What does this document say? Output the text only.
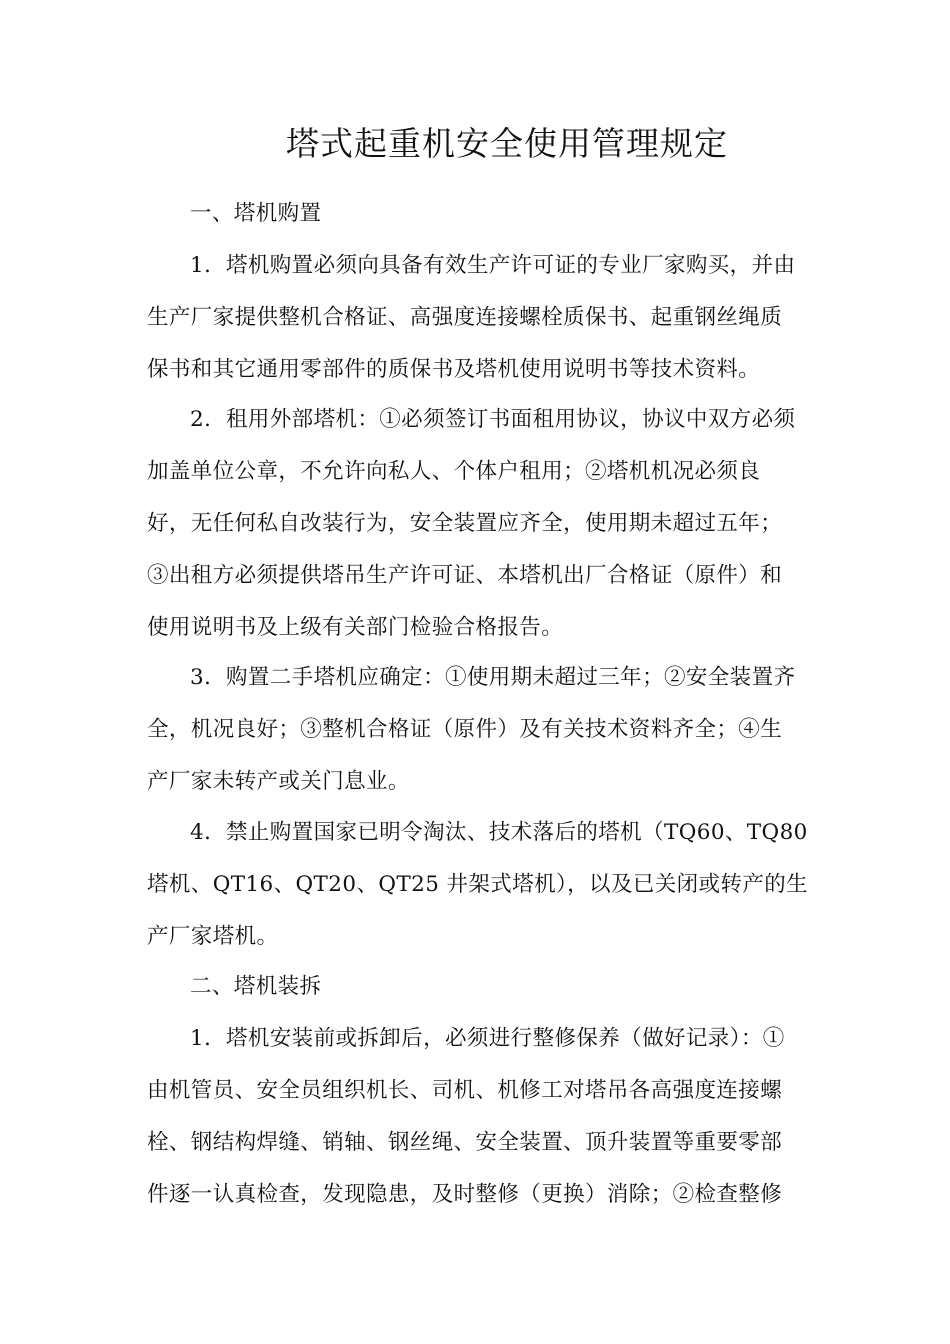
塔式起重机安全使用管理规定
一、塔机购置
1．塔机购置必须向具备有效生产许可证的专业厂家购买，并由
生产厂家提供整机合格证、高强度连接螺栓质保书、起重钢丝绳质
保书和其它通用零部件的质保书及塔机使用说明书等技术资料。
2．租用外部塔机：①必须签订书面租用协议，协议中双方必须
加盖单位公章，不允许向私人、个体户租用；②塔机机况必须良
好，无任何私自改装行为，安全装置应齐全，使用期未超过五年；
③出租方必须提供塔吊生产许可证、本塔机出厂合格证（原件）和
使用说明书及上级有关部门检验合格报告。
3．购置二手塔机应确定：①使用期未超过三年；②安全装置齐
全，机况良好；③整机合格证（原件）及有关技术资料齐全；④生
产厂家未转产或关门息业。
4．禁止购置国家已明令淘汰、技术落后的塔机（TQ60、TQ80
塔机、QT16、QT20、QT25 井架式塔机），以及已关闭或转产的生
产厂家塔机。
二、塔机装拆
1．塔机安装前或拆卸后，必须进行整修保养（做好记录）：①
由机管员、安全员组织机长、司机、机修工对塔吊各高强度连接螺
栓、钢结构焊缝、销轴、钢丝绳、安全装置、顶升装置等重要零部
件逐一认真检查，发现隐患，及时整修（更换）消除；②检查整修
